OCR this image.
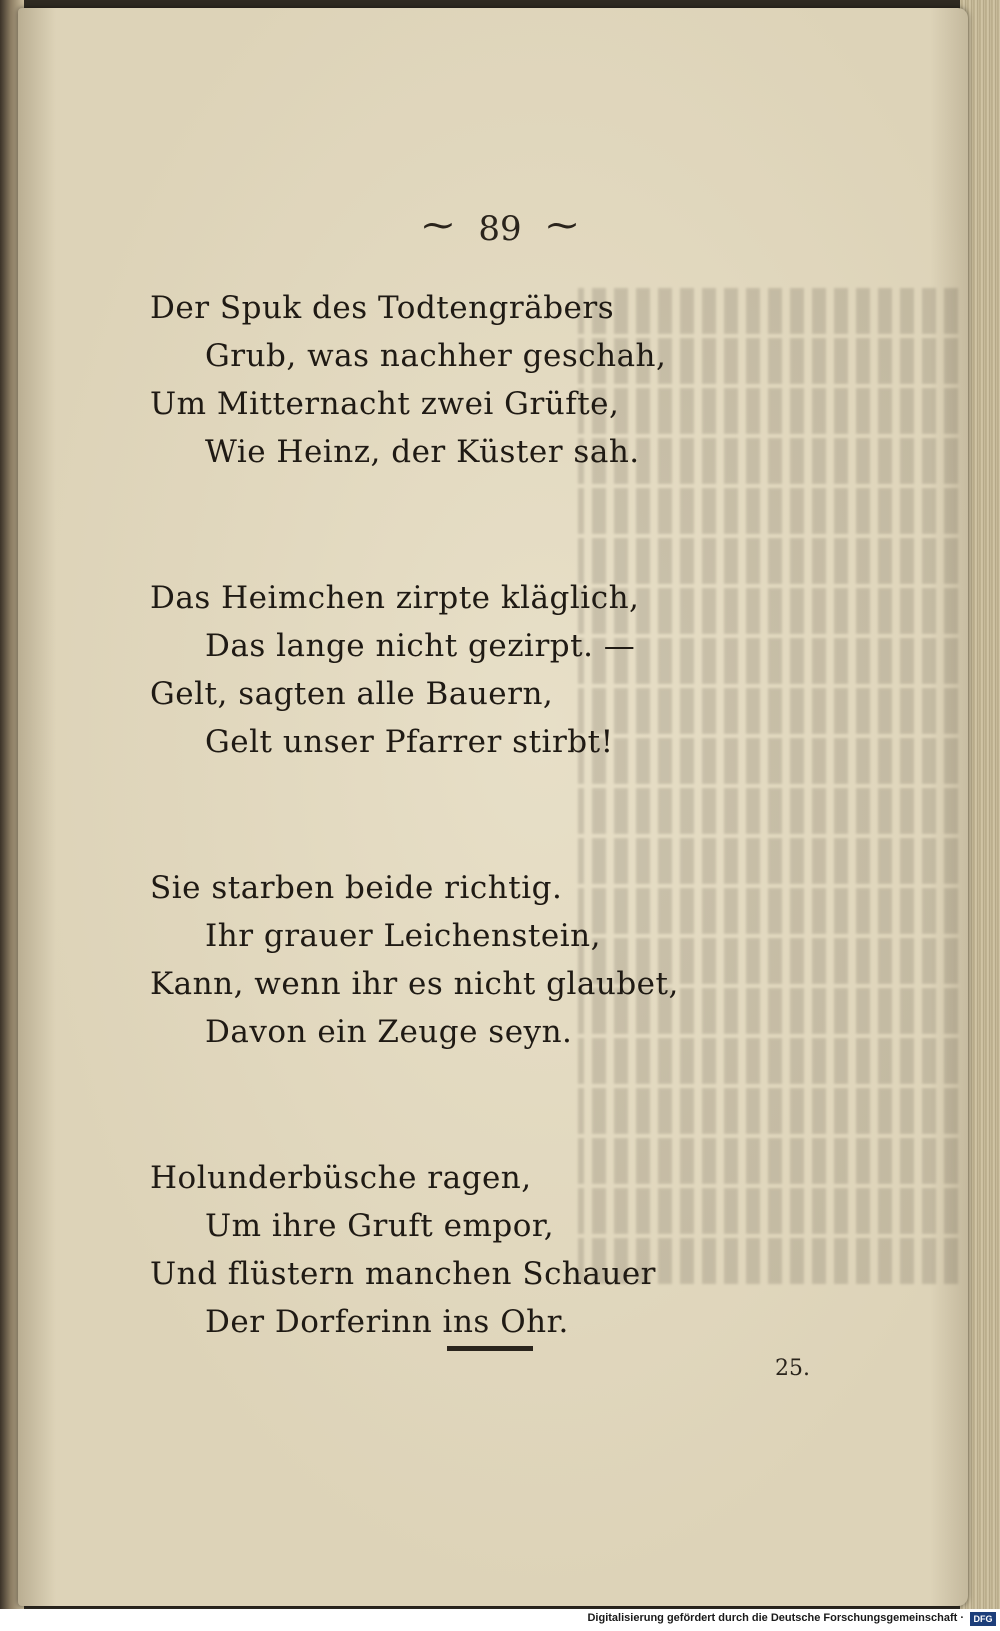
~ 89 ~
Der Spuk des Todtengräbers
Grub, was nachher geschah,
Um Mitternacht zwei Grüfte,
Wie Heinz, der Küster sah.
Das Heimchen zirpte kläglich,
Das lange nicht gezirpt. —
Gelt, sagten alle Bauern,
Gelt unser Pfarrer stirbt!
Sie starben beide richtig.
Ihr grauer Leichenstein,
Kann, wenn ihr es nicht glaubet,
Davon ein Zeuge seyn.
Holunderbüsche ragen,
Um ihre Gruft empor,
Und flüstern manchen Schauer
Der Dorferinn ins Ohr.
25.
Digitalisierung gefördert durch die Deutsche Forschungsgemeinschaft ·	DFG
